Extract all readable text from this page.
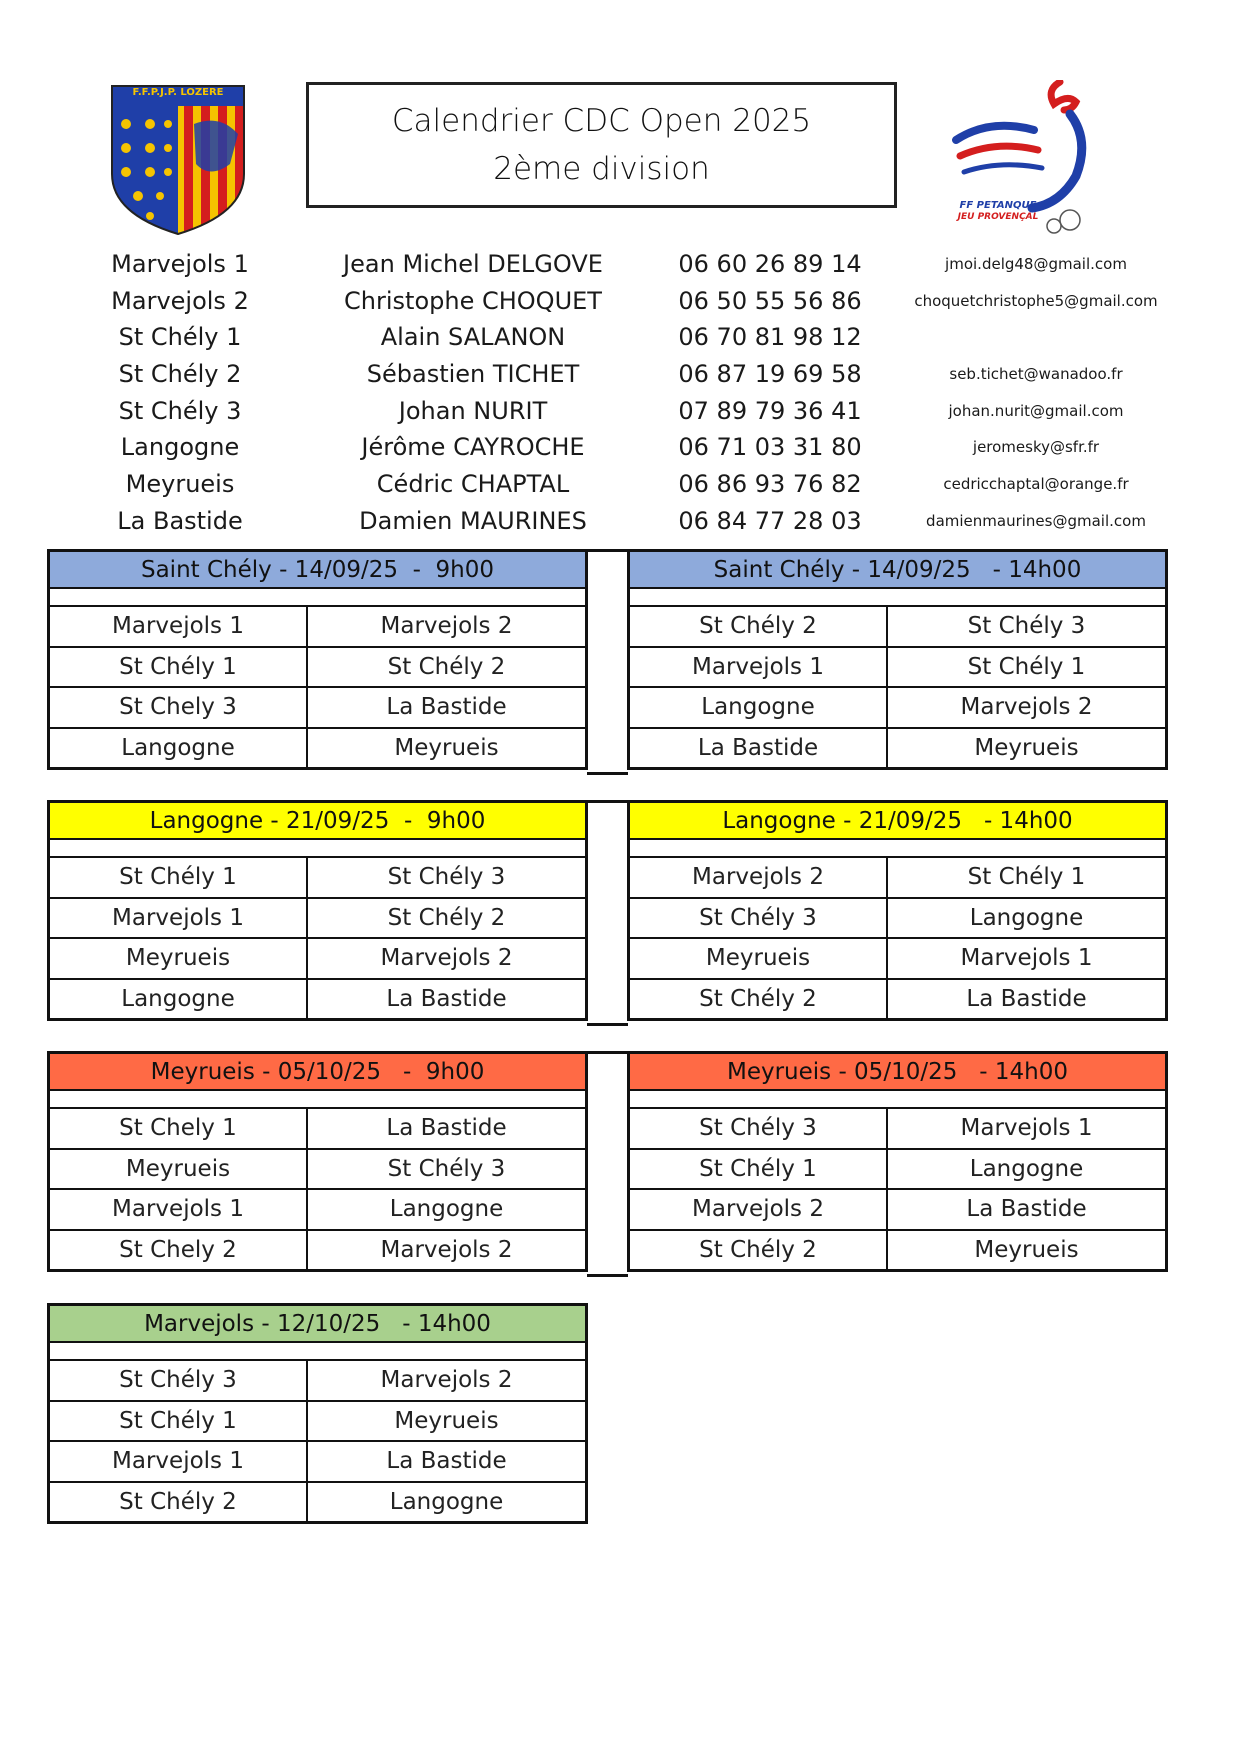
F.F.P.J.P. LOZERE
Calendrier CDC Open 2025
2ème division
FF PETANQUE
JEU PROVENÇAL
Marvejols 1	Jean Michel DELGOVE	06 60 26 89 14	jmoi.delg48@gmail.com
Marvejols 2	Christophe CHOQUET	06 50 55 56 86	choquetchristophe5@gmail.com
St Chély 1	Alain SALANON	06 70 81 98 12
St Chély 2	Sébastien TICHET	06 87 19 69 58	seb.tichet@wanadoo.fr
St Chély 3	Johan NURIT	07 89 79 36 41	johan.nurit@gmail.com
Langogne	Jérôme CAYROCHE	06 71 03 31 80	jeromesky@sfr.fr
Meyrueis	Cédric CHAPTAL	06 86 93 76 82	cedricchaptal@orange.fr
La Bastide	Damien MAURINES	06 84 77 28 03	damienmaurines@gmail.com
Saint Chély - 14/09/25  -  9h00
Marvejols 1	Marvejols 2
St Chély 1	St Chély 2
St Chely 3	La Bastide
Langogne	Meyrueis
Saint Chély - 14/09/25   - 14h00
St Chély 2	St Chély 3
Marvejols 1	St Chély 1
Langogne	Marvejols 2
La Bastide	Meyrueis
Langogne - 21/09/25  -  9h00
St Chély 1	St Chély 3
Marvejols 1	St Chély 2
Meyrueis	Marvejols 2
Langogne	La Bastide
Langogne - 21/09/25   - 14h00
Marvejols 2	St Chély 1
St Chély 3	Langogne
Meyrueis	Marvejols 1
St Chély 2	La Bastide
Meyrueis - 05/10/25   -  9h00
St Chely 1	La Bastide
Meyrueis	St Chély 3
Marvejols 1	Langogne
St Chely 2	Marvejols 2
Meyrueis - 05/10/25   - 14h00
St Chély 3	Marvejols 1
St Chély 1	Langogne
Marvejols 2	La Bastide
St Chély 2	Meyrueis
Marvejols - 12/10/25   - 14h00
St Chély 3	Marvejols 2
St Chély 1	Meyrueis
Marvejols 1	La Bastide
St Chély 2	Langogne
